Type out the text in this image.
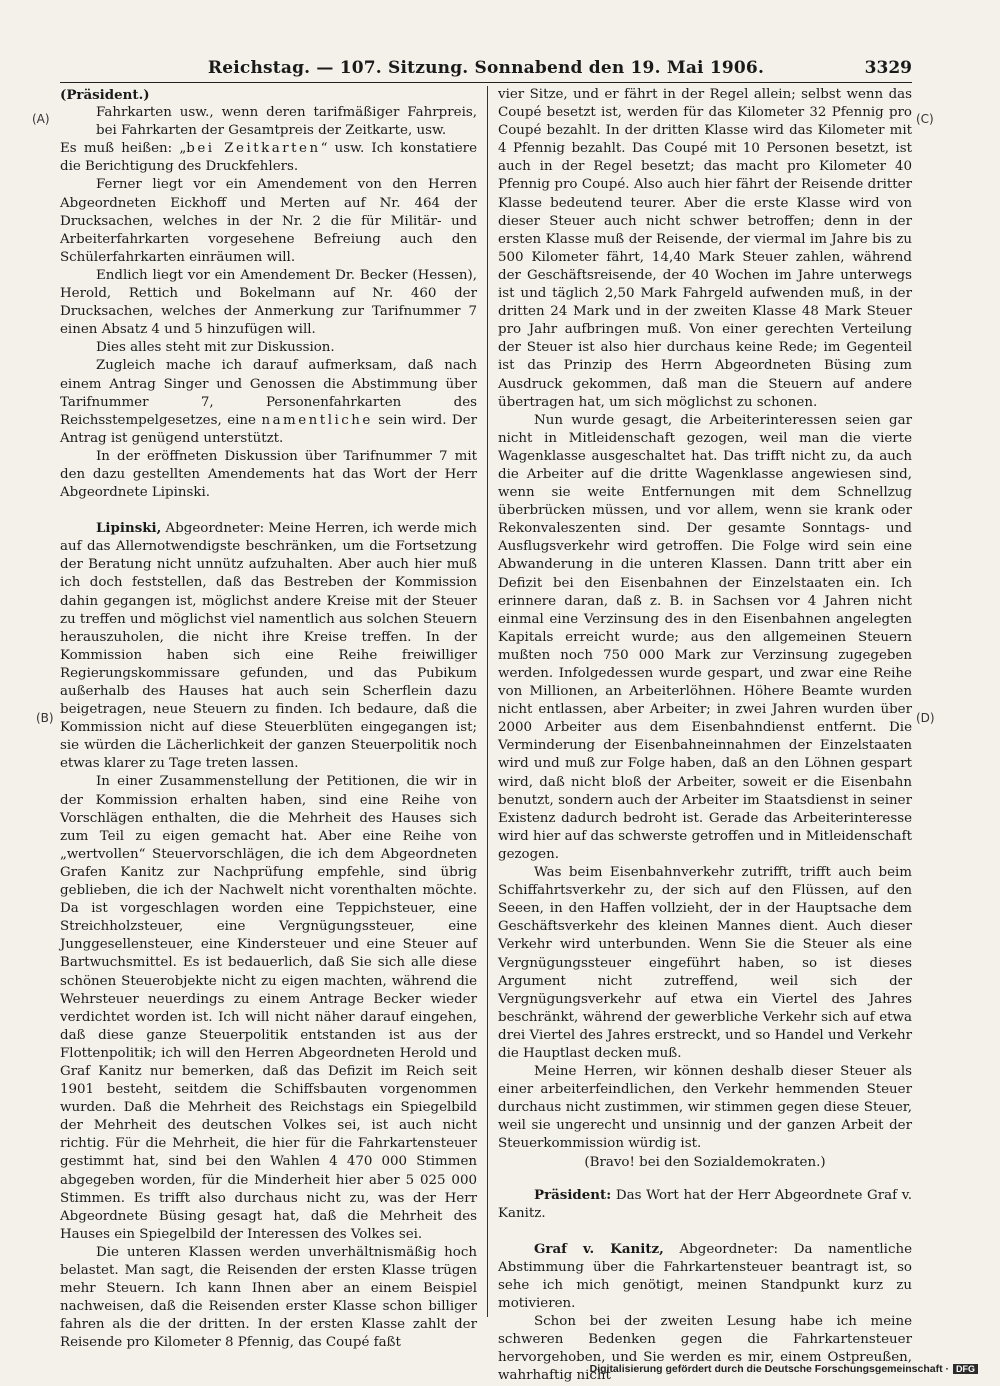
Reichstag. — 107. Sitzung. Sonnabend den 19. Mai 1906.	3329
(A)
(B)
(C)
(D)

(Präsident.)

Fahrkarten usw., wenn deren tarifmäßiger Fahrpreis, bei Fahrkarten der Gesamtpreis der Zeitkarte, usw.

Es muß heißen: „bei Zeitkarten“ usw. Ich konstatiere die Berichtigung des Druckfehlers.

Ferner liegt vor ein Amendement von den Herren Abgeordneten Eickhoff und Merten auf Nr. 464 der Drucksachen, welches in der Nr. 2 die für Militär- und Arbeiterfahrkarten vorgesehene Befreiung auch den Schülerfahrkarten einräumen will.

Endlich liegt vor ein Amendement Dr. Becker (Hessen), Herold, Rettich und Bokelmann auf Nr. 460 der Drucksachen, welches der Anmerkung zur Tarifnummer 7 einen Absatz 4 und 5 hinzufügen will.

Dies alles steht mit zur Diskussion.

Zugleich mache ich darauf aufmerksam, daß nach einem Antrag Singer und Genossen die Abstimmung über Tarifnummer 7, Personenfahrkarten des Reichsstempelgesetzes, eine namentliche sein wird. Der Antrag ist genügend unterstützt.

In der eröffneten Diskussion über Tarifnummer 7 mit den dazu gestellten Amendements hat das Wort der Herr Abgeordnete Lipinski.

Lipinski, Abgeordneter: Meine Herren, ich werde mich auf das Allernotwendigste beschränken, um die Fortsetzung der Beratung nicht unnütz aufzuhalten. Aber auch hier muß ich doch feststellen, daß das Bestreben der Kommission dahin gegangen ist, möglichst andere Kreise mit der Steuer zu treffen und möglichst viel namentlich aus solchen Steuern herauszuholen, die nicht ihre Kreise treffen. In der Kommission haben sich eine Reihe freiwilliger Regierungskommissare gefunden, und das Pubikum außerhalb des Hauses hat auch sein Scherflein dazu beigetragen, neue Steuern zu finden. Ich bedaure, daß die Kommission nicht auf diese Steuerblüten eingegangen ist; sie würden die Lächerlichkeit der ganzen Steuerpolitik noch etwas klarer zu Tage treten lassen.

In einer Zusammenstellung der Petitionen, die wir in der Kommission erhalten haben, sind eine Reihe von Vorschlägen enthalten, die die Mehrheit des Hauses sich zum Teil zu eigen gemacht hat. Aber eine Reihe von „wertvollen“ Steuervorschlägen, die ich dem Abgeordneten Grafen Kanitz zur Nachprüfung empfehle, sind übrig geblieben, die ich der Nachwelt nicht vorenthalten möchte. Da ist vorgeschlagen worden eine Teppichsteuer, eine Streichholzsteuer, eine Vergnügungssteuer, eine Junggesellensteuer, eine Kindersteuer und eine Steuer auf Bartwuchsmittel. Es ist bedauerlich, daß Sie sich alle diese schönen Steuerobjekte nicht zu eigen machten, während die Wehrsteuer neuerdings zu einem Antrage Becker wieder verdichtet worden ist. Ich will nicht näher darauf eingehen, daß diese ganze Steuerpolitik entstanden ist aus der Flottenpolitik; ich will den Herren Abgeordneten Herold und Graf Kanitz nur bemerken, daß das Defizit im Reich seit 1901 besteht, seitdem die Schiffsbauten vorgenommen wurden. Daß die Mehrheit des Reichstags ein Spiegelbild der Mehrheit des deutschen Volkes sei, ist auch nicht richtig. Für die Mehrheit, die hier für die Fahrkartensteuer gestimmt hat, sind bei den Wahlen 4 470 000 Stimmen abgegeben worden, für die Minderheit hier aber 5 025 000 Stimmen. Es trifft also durchaus nicht zu, was der Herr Abgeordnete Büsing gesagt hat, daß die Mehrheit des Hauses ein Spiegelbild der Interessen des Volkes sei.

Die unteren Klassen werden unverhältnismäßig hoch belastet. Man sagt, die Reisenden der ersten Klasse trügen mehr Steuern. Ich kann Ihnen aber an einem Beispiel nachweisen, daß die Reisenden erster Klasse schon billiger fahren als die der dritten. In der ersten Klasse zahlt der Reisende pro Kilometer 8 Pfennig, das Coupé faßt

vier Sitze, und er fährt in der Regel allein; selbst wenn das Coupé besetzt ist, werden für das Kilometer 32 Pfennig pro Coupé bezahlt. In der dritten Klasse wird das Kilometer mit 4 Pfennig bezahlt. Das Coupé mit 10 Personen besetzt, ist auch in der Regel besetzt; das macht pro Kilometer 40 Pfennig pro Coupé. Also auch hier fährt der Reisende dritter Klasse bedeutend teurer. Aber die erste Klasse wird von dieser Steuer auch nicht schwer betroffen; denn in der ersten Klasse muß der Reisende, der viermal im Jahre bis zu 500 Kilometer fährt, 14,40 Mark Steuer zahlen, während der Geschäftsreisende, der 40 Wochen im Jahre unterwegs ist und täglich 2,50 Mark Fahrgeld aufwenden muß, in der dritten 24 Mark und in der zweiten Klasse 48 Mark Steuer pro Jahr aufbringen muß. Von einer gerechten Verteilung der Steuer ist also hier durchaus keine Rede; im Gegenteil ist das Prinzip des Herrn Abgeordneten Büsing zum Ausdruck gekommen, daß man die Steuern auf andere übertragen hat, um sich möglichst zu schonen.

Nun wurde gesagt, die Arbeiterinteressen seien gar nicht in Mitleidenschaft gezogen, weil man die vierte Wagenklasse ausgeschaltet hat. Das trifft nicht zu, da auch die Arbeiter auf die dritte Wagenklasse angewiesen sind, wenn sie weite Entfernungen mit dem Schnellzug überbrücken müssen, und vor allem, wenn sie krank oder Rekonvaleszenten sind. Der gesamte Sonntags- und Ausflugsverkehr wird getroffen. Die Folge wird sein eine Abwanderung in die unteren Klassen. Dann tritt aber ein Defizit bei den Eisenbahnen der Einzelstaaten ein. Ich erinnere daran, daß z. B. in Sachsen vor 4 Jahren nicht einmal eine Verzinsung des in den Eisenbahnen angelegten Kapitals erreicht wurde; aus den allgemeinen Steuern mußten noch 750 000 Mark zur Verzinsung zugegeben werden. Infolgedessen wurde gespart, und zwar eine Reihe von Millionen, an Arbeiterlöhnen. Höhere Beamte wurden nicht entlassen, aber Arbeiter; in zwei Jahren wurden über 2000 Arbeiter aus dem Eisenbahndienst entfernt. Die Verminderung der Eisenbahneinnahmen der Einzelstaaten wird und muß zur Folge haben, daß an den Löhnen gespart wird, daß nicht bloß der Arbeiter, soweit er die Eisenbahn benutzt, sondern auch der Arbeiter im Staatsdienst in seiner Existenz dadurch bedroht ist. Gerade das Arbeiterinteresse wird hier auf das schwerste getroffen und in Mitleidenschaft gezogen.

Was beim Eisenbahnverkehr zutrifft, trifft auch beim Schiffahrtsverkehr zu, der sich auf den Flüssen, auf den Seeen, in den Haffen vollzieht, der in der Hauptsache dem Geschäftsverkehr des kleinen Mannes dient. Auch dieser Verkehr wird unterbunden. Wenn Sie die Steuer als eine Vergnügungssteuer eingeführt haben, so ist dieses Argument nicht zutreffend, weil sich der Vergnügungsverkehr auf etwa ein Viertel des Jahres beschränkt, während der gewerbliche Verkehr sich auf etwa drei Viertel des Jahres erstreckt, und so Handel und Verkehr die Hauptlast decken muß.

Meine Herren, wir können deshalb dieser Steuer als einer arbeiterfeindlichen, den Verkehr hemmenden Steuer durchaus nicht zustimmen, wir stimmen gegen diese Steuer, weil sie ungerecht und unsinnig und der ganzen Arbeit der Steuerkommission würdig ist.

(Bravo! bei den Sozialdemokraten.)

Präsident: Das Wort hat der Herr Abgeordnete Graf v. Kanitz.

Graf v. Kanitz, Abgeordneter: Da namentliche Abstimmung über die Fahrkartensteuer beantragt ist, so sehe ich mich genötigt, meinen Standpunkt kurz zu motivieren.

Schon bei der zweiten Lesung habe ich meine schweren Bedenken gegen die Fahrkartensteuer hervorgehoben, und Sie werden es mir, einem Ostpreußen, wahrhaftig nicht

Digitalisierung gefördert durch die Deutsche Forschungsgemeinschaft · DFG
